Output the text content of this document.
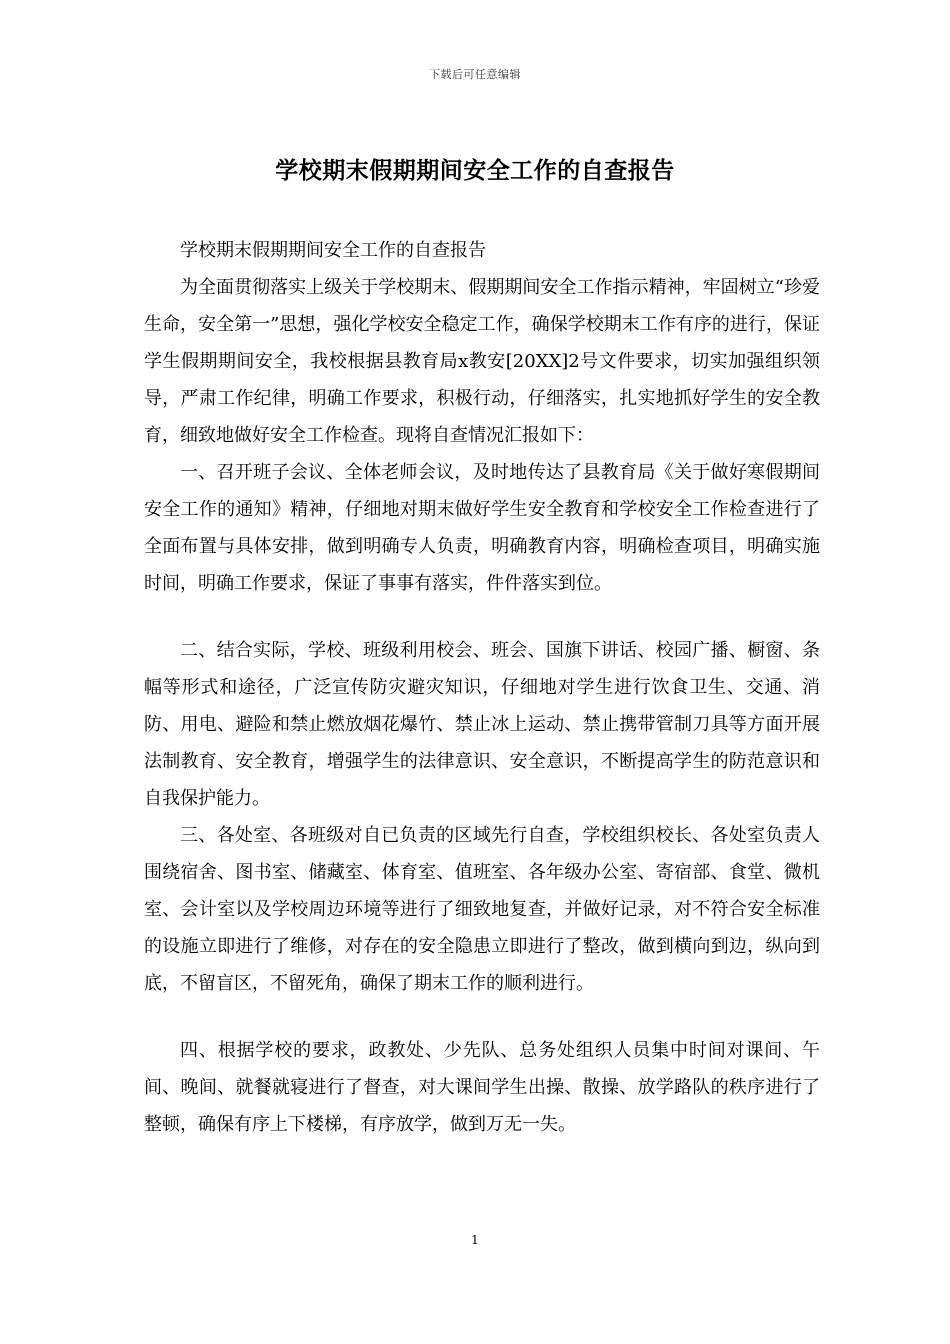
下载后可任意编辑
学校期末假期期间安全工作的自查报告

学校期末假期期间安全工作的自查报告

为全面贯彻落实上级关于学校期末、假期期间安全工作指示精神，牢固树立“珍爱生命，安全第一”思想，强化学校安全稳定工作，确保学校期末工作有序的进行，保证学生假期期间安全，我校根据县教育局x教安[20XX]2号文件要求，切实加强组织领导，严肃工作纪律，明确工作要求，积极行动，仔细落实，扎实地抓好学生的安全教育，细致地做好安全工作检查。现将自查情况汇报如下：

一、召开班子会议、全体老师会议，及时地传达了县教育局《关于做好寒假期间安全工作的通知》精神，仔细地对期末做好学生安全教育和学校安全工作检查进行了全面布置与具体安排，做到明确专人负责，明确教育内容，明确检查项目，明确实施时间，明确工作要求，保证了事事有落实，件件落实到位。

二、结合实际，学校、班级利用校会、班会、国旗下讲话、校园广播、橱窗、条幅等形式和途径，广泛宣传防灾避灾知识，仔细地对学生进行饮食卫生、交通、消防、用电、避险和禁止燃放烟花爆竹、禁止冰上运动、禁止携带管制刀具等方面开展法制教育、安全教育，增强学生的法律意识、安全意识，不断提高学生的防范意识和自我保护能力。

三、各处室、各班级对自已负责的区域先行自查，学校组织校长、各处室负责人围绕宿舍、图书室、储藏室、体育室、值班室、各年级办公室、寄宿部、食堂、微机室、会计室以及学校周边环境等进行了细致地复查，并做好记录，对不符合安全标准的设施立即进行了维修，对存在的安全隐患立即进行了整改，做到横向到边，纵向到底，不留盲区，不留死角，确保了期末工作的顺利进行。

四、根据学校的要求，政教处、少先队、总务处组织人员集中时间对课间、午间、晚间、就餐就寝进行了督查，对大课间学生出操、散操、放学路队的秩序进行了整顿，确保有序上下楼梯，有序放学，做到万无一失。

1
